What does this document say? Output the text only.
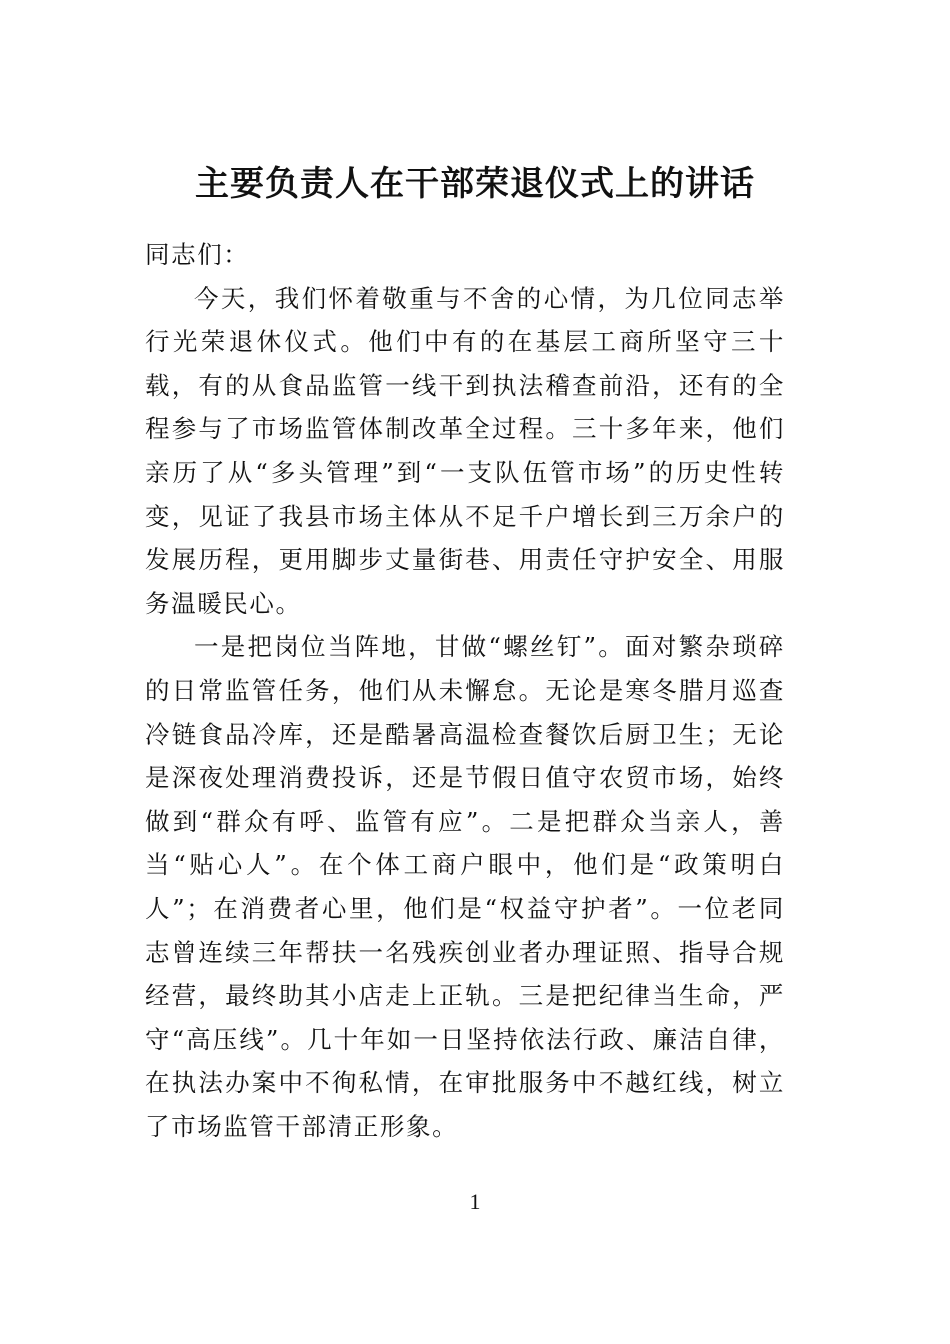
主要负责人在干部荣退仪式上的讲话

同志们：

今天，我们怀着敬重与不舍的心情，为几位同志举行光荣退休仪式。他们中有的在基层工商所坚守三十载，有的从食品监管一线干到执法稽查前沿，还有的全程参与了市场监管体制改革全过程。三十多年来，他们亲历了从“多头管理”到“一支队伍管市场”的历史性转变，见证了我县市场主体从不足千户增长到三万余户的发展历程，更用脚步丈量街巷、用责任守护安全、用服务温暖民心。

一是把岗位当阵地，甘做“螺丝钉”。面对繁杂琐碎的日常监管任务，他们从未懈怠。无论是寒冬腊月巡查冷链食品冷库，还是酷暑高温检查餐饮后厨卫生；无论是深夜处理消费投诉，还是节假日值守农贸市场，始终做到“群众有呼、监管有应”。二是把群众当亲人，善当“贴心人”。在个体工商户眼中，他们是“政策明白人”；在消费者心里，他们是“权益守护者”。一位老同志曾连续三年帮扶一名残疾创业者办理证照、指导合规经营，最终助其小店走上正轨。三是把纪律当生命，严守“高压线”。几十年如一日坚持依法行政、廉洁自律，在执法办案中不徇私情，在审批服务中不越红线，树立了市场监管干部清正形象。

1
